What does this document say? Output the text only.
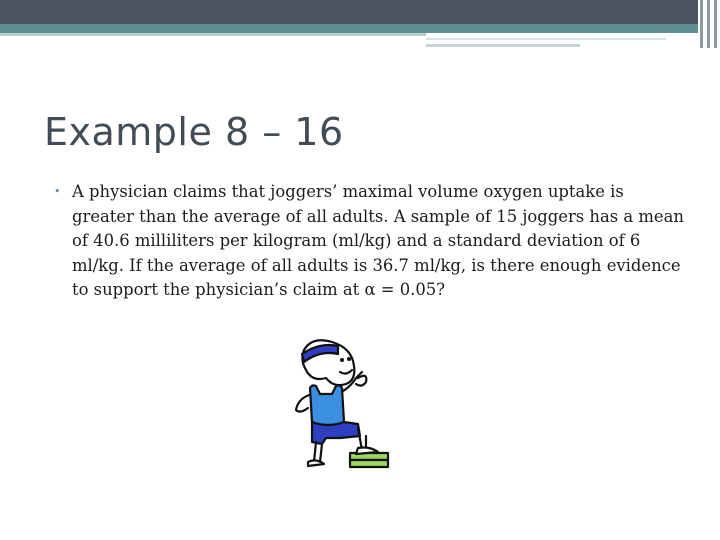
Example 8 – 16
• A physician claims that joggers’ maximal volume oxygen uptake is greater than the average of all adults. A sample of 15 joggers has a mean of 40.6 milliliters per kilogram (ml/kg) and a standard deviation of 6 ml/kg. If the average of all adults is 36.7 ml/kg, is there enough evidence to support the physician’s claim at α = 0.05?
